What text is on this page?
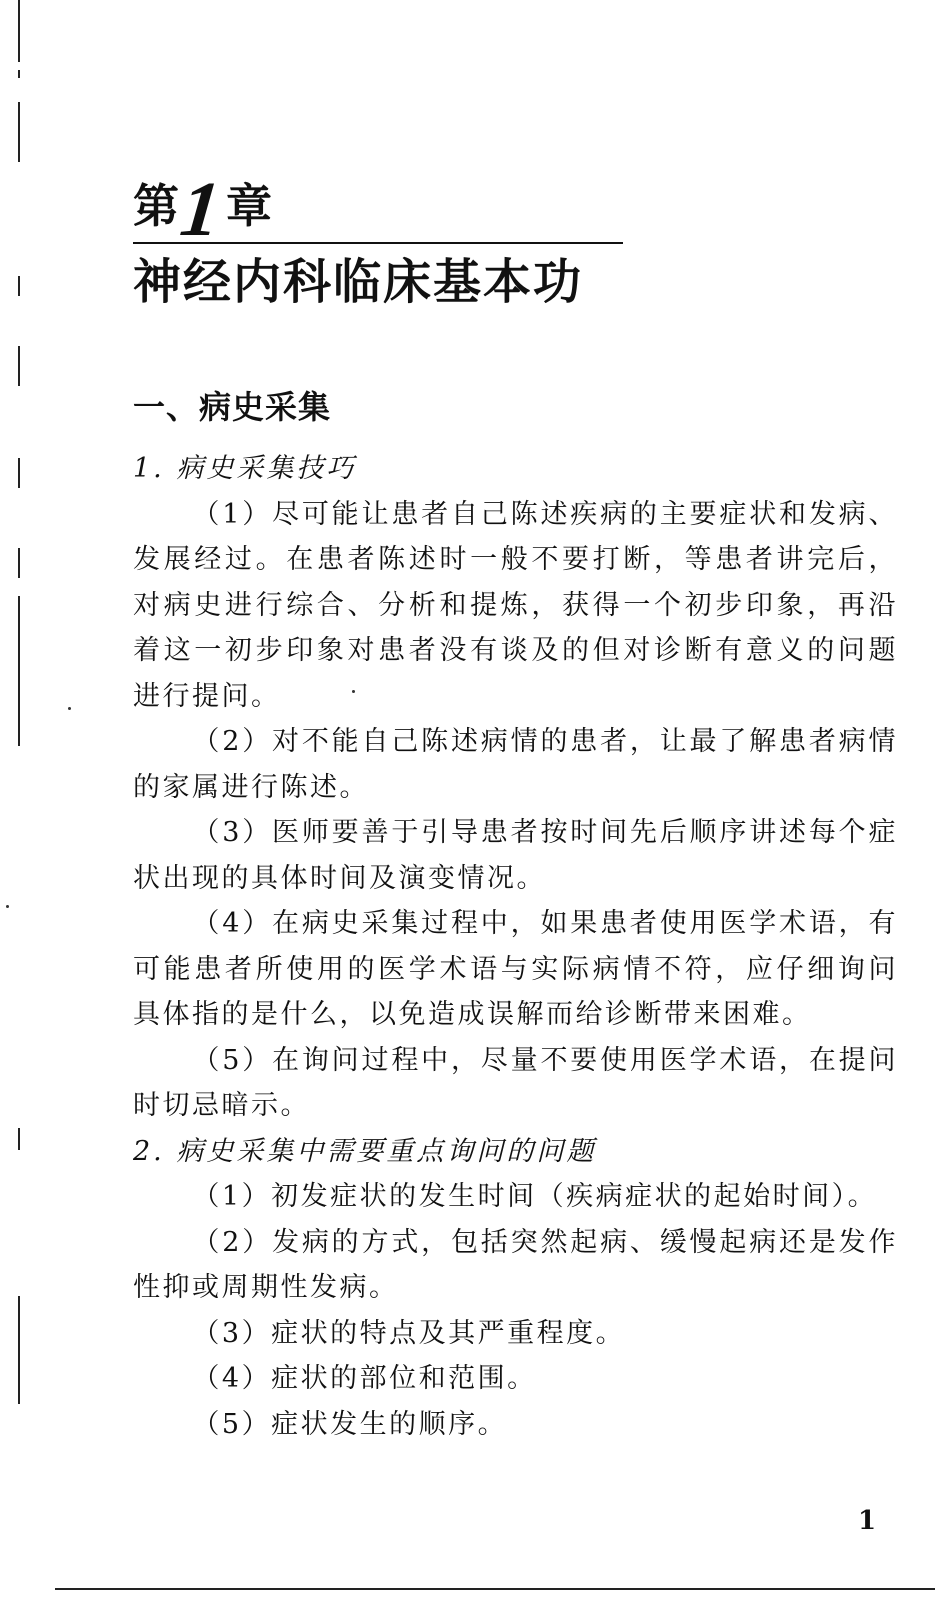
第
1 章
神经内科临床基本功
一、病史采集

1. 病史采集技巧

（1）尽可能让患者自己陈述疾病的主要症状和发病、发展经过。在患者陈述时一般不要打断，等患者讲完后，对病史进行综合、分析和提炼，获得一个初步印象，再沿着这一初步印象对患者没有谈及的但对诊断有意义的问题进行提问。

（2）对不能自己陈述病情的患者，让最了解患者病情的家属进行陈述。

（3）医师要善于引导患者按时间先后顺序讲述每个症状出现的具体时间及演变情况。

（4）在病史采集过程中，如果患者使用医学术语，有可能患者所使用的医学术语与实际病情不符，应仔细询问具体指的是什么，以免造成误解而给诊断带来困难。

（5）在询问过程中，尽量不要使用医学术语，在提问时切忌暗示。

2. 病史采集中需要重点询问的问题

（1）初发症状的发生时间（疾病症状的起始时间）。

（2）发病的方式，包括突然起病、缓慢起病还是发作性抑或周期性发病。

（3）症状的特点及其严重程度。

（4）症状的部位和范围。

（5）症状发生的顺序。

1
